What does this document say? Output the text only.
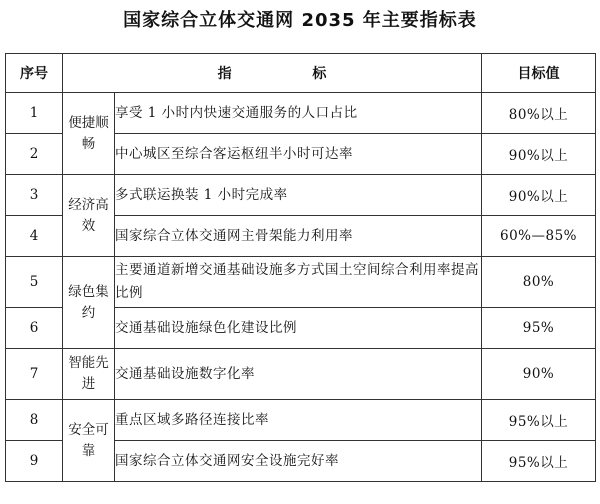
国家综合立体交通网 2035 年主要指标表
序号	指 标		目标值
1	便捷顺畅	享受 1 小时内快速交通服务的人口占比	80%以上
2		中心城区至综合客运枢纽半小时可达率	90%以上
3	经济高效	多式联运换装 1 小时完成率	90%以上
4		国家综合立体交通网主骨架能力利用率	60%—85%
5	绿色集约	主要通道新增交通基础设施多方式国土空间综合利用率提高比例	80%
6		交通基础设施绿色化建设比例	95%
7	智能先进	交通基础设施数字化率	90%
8	安全可靠	重点区域多路径连接比率	95%以上
9		国家综合立体交通网安全设施完好率	95%以上
